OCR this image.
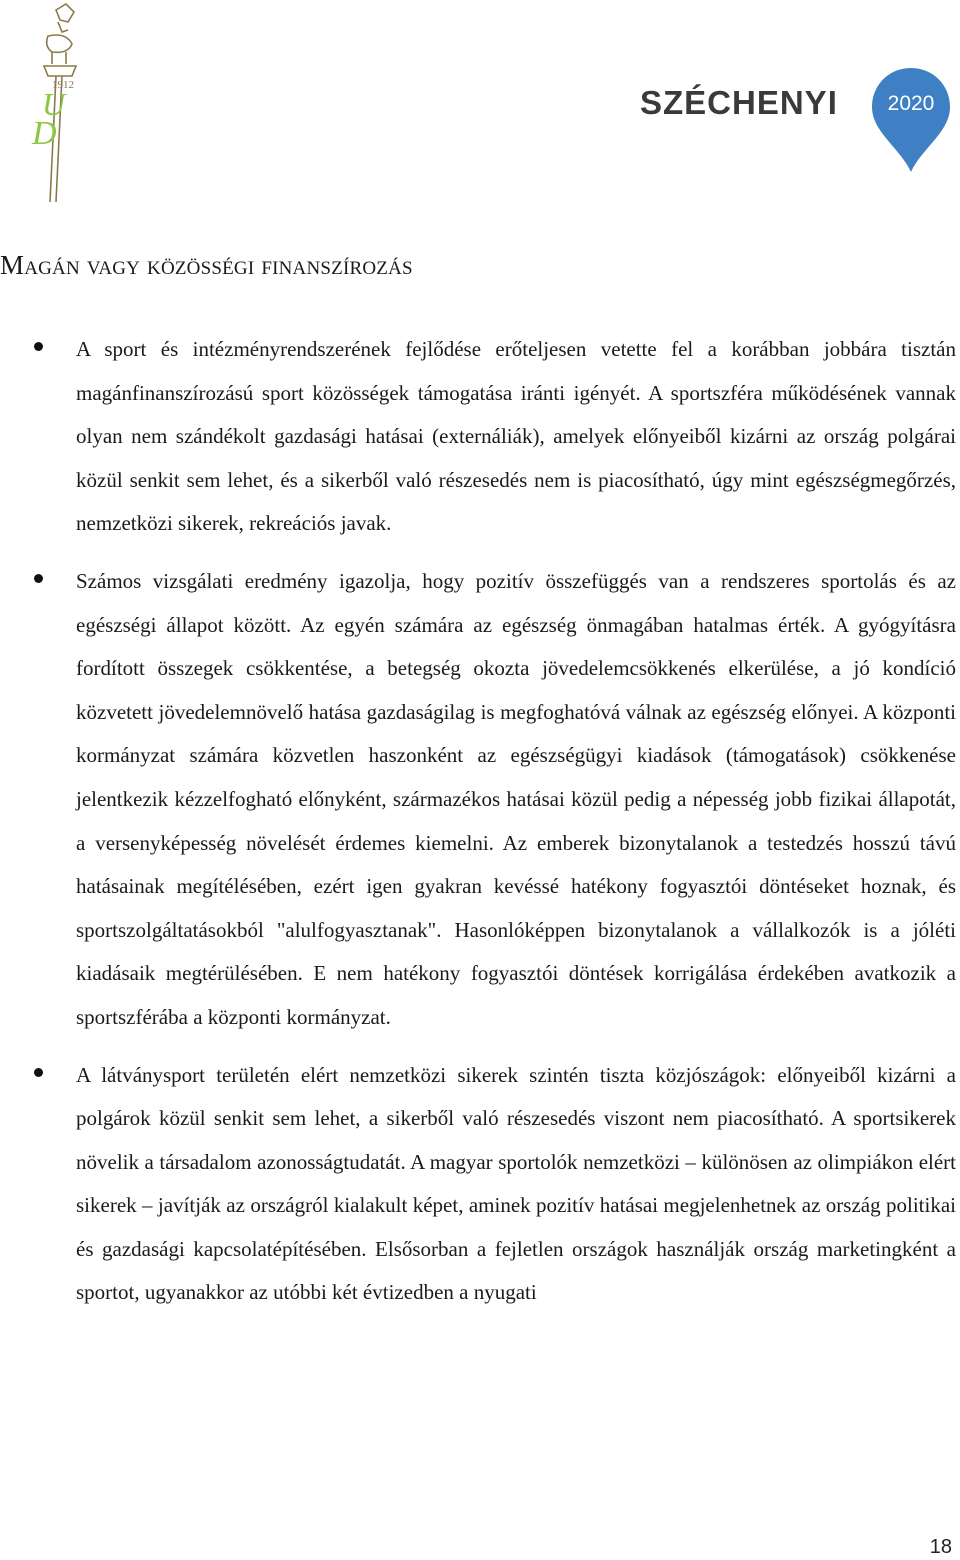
U
D
1912	SZÉCHENYI	2020
Magán vagy közösségi finanszírozás
A sport és intézményrendszerének fejlődése erőteljesen vetette fel a korábban jobbára tisztán magánfinanszírozású sport közösségek támogatása iránti igényét. A sportszféra működésének vannak olyan nem szándékolt gazdasági hatásai (externáliák), amelyek előnyeiből kizárni az ország polgárai közül senkit sem lehet, és a sikerből való részesedés nem is piacosítható, úgy mint egészségmegőrzés, nemzetközi sikerek, rekreációs javak.
Számos vizsgálati eredmény igazolja, hogy pozitív összefüggés van a rendszeres sportolás és az egészségi állapot között. Az egyén számára az egészség önmagában hatalmas érték. A gyógyításra fordított összegek csökkentése, a betegség okozta jövedelemcsökkenés elkerülése, a jó kondíció közvetett jövedelemnövelő hatása gazdaságilag is megfoghatóvá válnak az egészség előnyei. A központi kormányzat számára közvetlen haszonként az egészségügyi kiadások (támogatások) csökkenése jelentkezik kézzelfogható előnyként, származékos hatásai közül pedig a népesség jobb fizikai állapotát, a versenyképesség növelését érdemes kiemelni. Az emberek bizonytalanok a testedzés hosszú távú hatásainak megítélésében, ezért igen gyakran kevéssé hatékony fogyasztói döntéseket hoznak, és sportszolgáltatásokból "alulfogyasztanak". Hasonlóképpen bizonytalanok a vállalkozók is a jóléti kiadásaik megtérülésében. E nem hatékony fogyasztói döntések korrigálása érdekében avatkozik a sportszférába a központi kormányzat.
A látványsport területén elért nemzetközi sikerek szintén tiszta közjószágok: előnyeiből kizárni a polgárok közül senkit sem lehet, a sikerből való részesedés viszont nem piacosítható. A sportsikerek növelik a társadalom azonosságtudatát. A magyar sportolók nemzetközi – különösen az olimpiákon elért sikerek – javítják az országról kialakult képet, aminek pozitív hatásai megjelenhetnek az ország politikai és gazdasági kapcsolatépítésében. Elsősorban a fejletlen országok használják ország marketingként a sportot, ugyanakkor az utóbbi két évtizedben a nyugati
18
